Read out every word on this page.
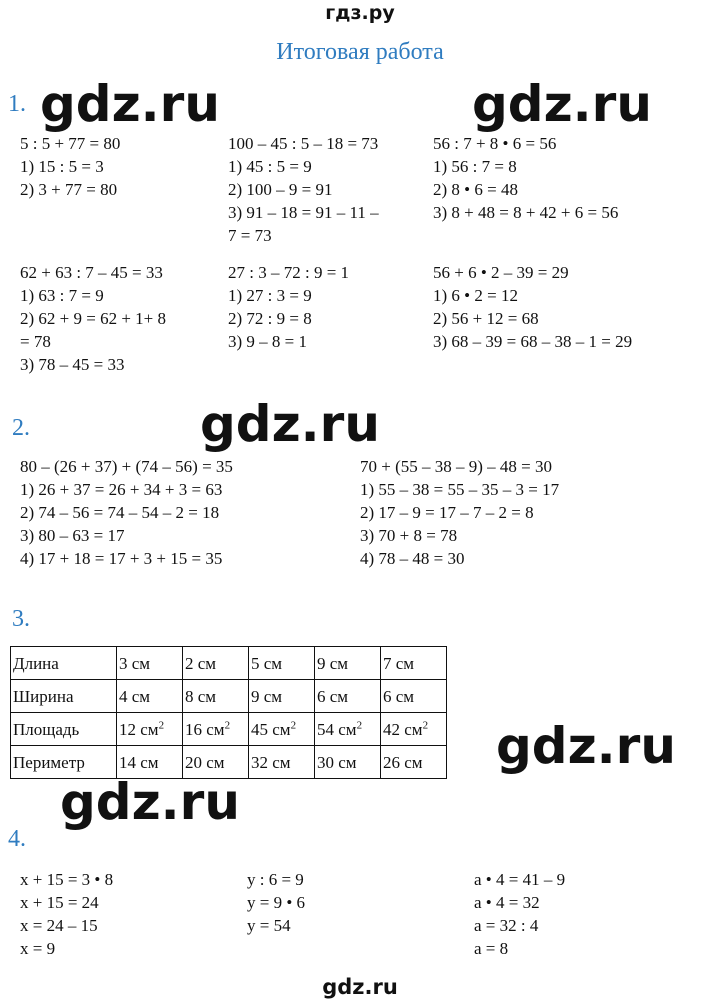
гдз.ру
Итоговая работа
1.
5 : 5 + 77 = 80
1) 15 : 5 = 3
2) 3 + 77 = 80
100 – 45 : 5 – 18 = 73
1) 45 : 5 = 9
2) 100 – 9 = 91
3) 91 – 18 = 91 – 11 –
7 = 73
56 : 7 + 8 • 6 = 56
1) 56 : 7 = 8
2) 8 • 6 = 48
3) 8 + 48 = 8 + 42 + 6 = 56
62 + 63 : 7 – 45 = 33
1) 63 : 7 = 9
2) 62 + 9 = 62 + 1+ 8
= 78
3) 78 – 45 = 33
27 : 3 – 72 : 9 = 1
1) 27 : 3 = 9
2) 72 : 9 = 8
3) 9 – 8 = 1
56 + 6 • 2 – 39 = 29
1) 6 • 2 = 12
2) 56 + 12 = 68
3) 68 – 39 = 68 – 38 – 1 = 29
2.
80 – (26 + 37) + (74 – 56) = 35
1) 26 + 37 = 26 + 34 + 3 = 63
2) 74 – 56 = 74 – 54 – 2 = 18
3) 80 – 63 = 17
4) 17 + 18 = 17 + 3 + 15 = 35
70 + (55 – 38 – 9) – 48 = 30
1) 55 – 38 = 55 – 35 – 3 = 17
2) 17 – 9 = 17 – 7 – 2 = 8
3) 70 + 8 = 78
4) 78 – 48 = 30
3.
Длина	3 см	2 см	5 см	9 см	7 см
Ширина	4 см	8 см	9 см	6 см	6 см
Площадь	12 $см^2$	16 $см^2$	45 $см^2$	54 $см^2$	42 $см^2$
Периметр	14 см	20 см	32 см	30 см	26 см
4.
x + 15 = 3 • 8
x + 15 = 24
x = 24 – 15
x = 9
y : 6 = 9
y = 9 • 6
y = 54
a • 4 = 41 – 9
a • 4 = 32
a = 32 : 4
a = 8
gdz.ru	gdz.ru
gdz.ru
gdz.ru
gdz.ru
gdz.ru
